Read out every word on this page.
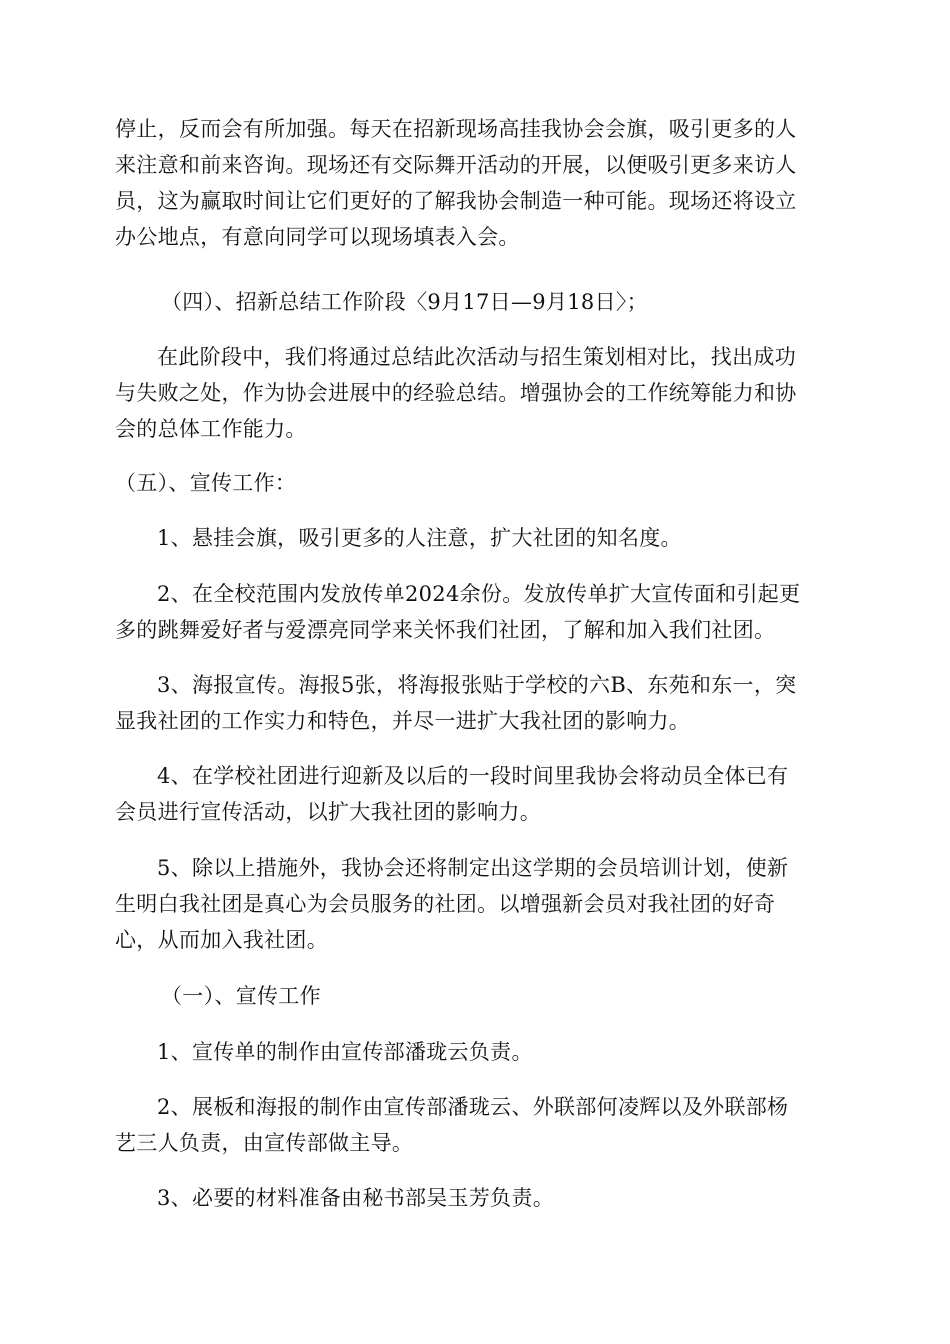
停止，反而会有所加强。每天在招新现场高挂我协会会旗，吸引更多的人
来注意和前来咨询。现场还有交际舞开活动的开展，以便吸引更多来访人
员，这为赢取时间让它们更好的了解我协会制造一种可能。现场还将设立
办公地点，有意向同学可以现场填表入会。

（四）、招新总结工作阶段〈9月17日—9月18日〉；

在此阶段中，我们将通过总结此次活动与招生策划相对比，找出成功
与失败之处，作为协会进展中的经验总结。增强协会的工作统筹能力和协
会的总体工作能力。

（五）、宣传工作：

1、悬挂会旗，吸引更多的人注意，扩大社团的知名度。

2、在全校范围内发放传单2024余份。发放传单扩大宣传面和引起更
多的跳舞爱好者与爱漂亮同学来关怀我们社团，了解和加入我们社团。

3、海报宣传。海报5张，将海报张贴于学校的六B、东苑和东一，突
显我社团的工作实力和特色，并尽一进扩大我社团的影响力。

4、在学校社团进行迎新及以后的一段时间里我协会将动员全体已有
会员进行宣传活动，以扩大我社团的影响力。

5、除以上措施外，我协会还将制定出这学期的会员培训计划，使新
生明白我社团是真心为会员服务的社团。以增强新会员对我社团的好奇
心，从而加入我社团。

（一）、宣传工作

1、宣传单的制作由宣传部潘珑云负责。

2、展板和海报的制作由宣传部潘珑云、外联部何凌辉以及外联部杨
艺三人负责，由宣传部做主导。

3、必要的材料准备由秘书部吴玉芳负责。
